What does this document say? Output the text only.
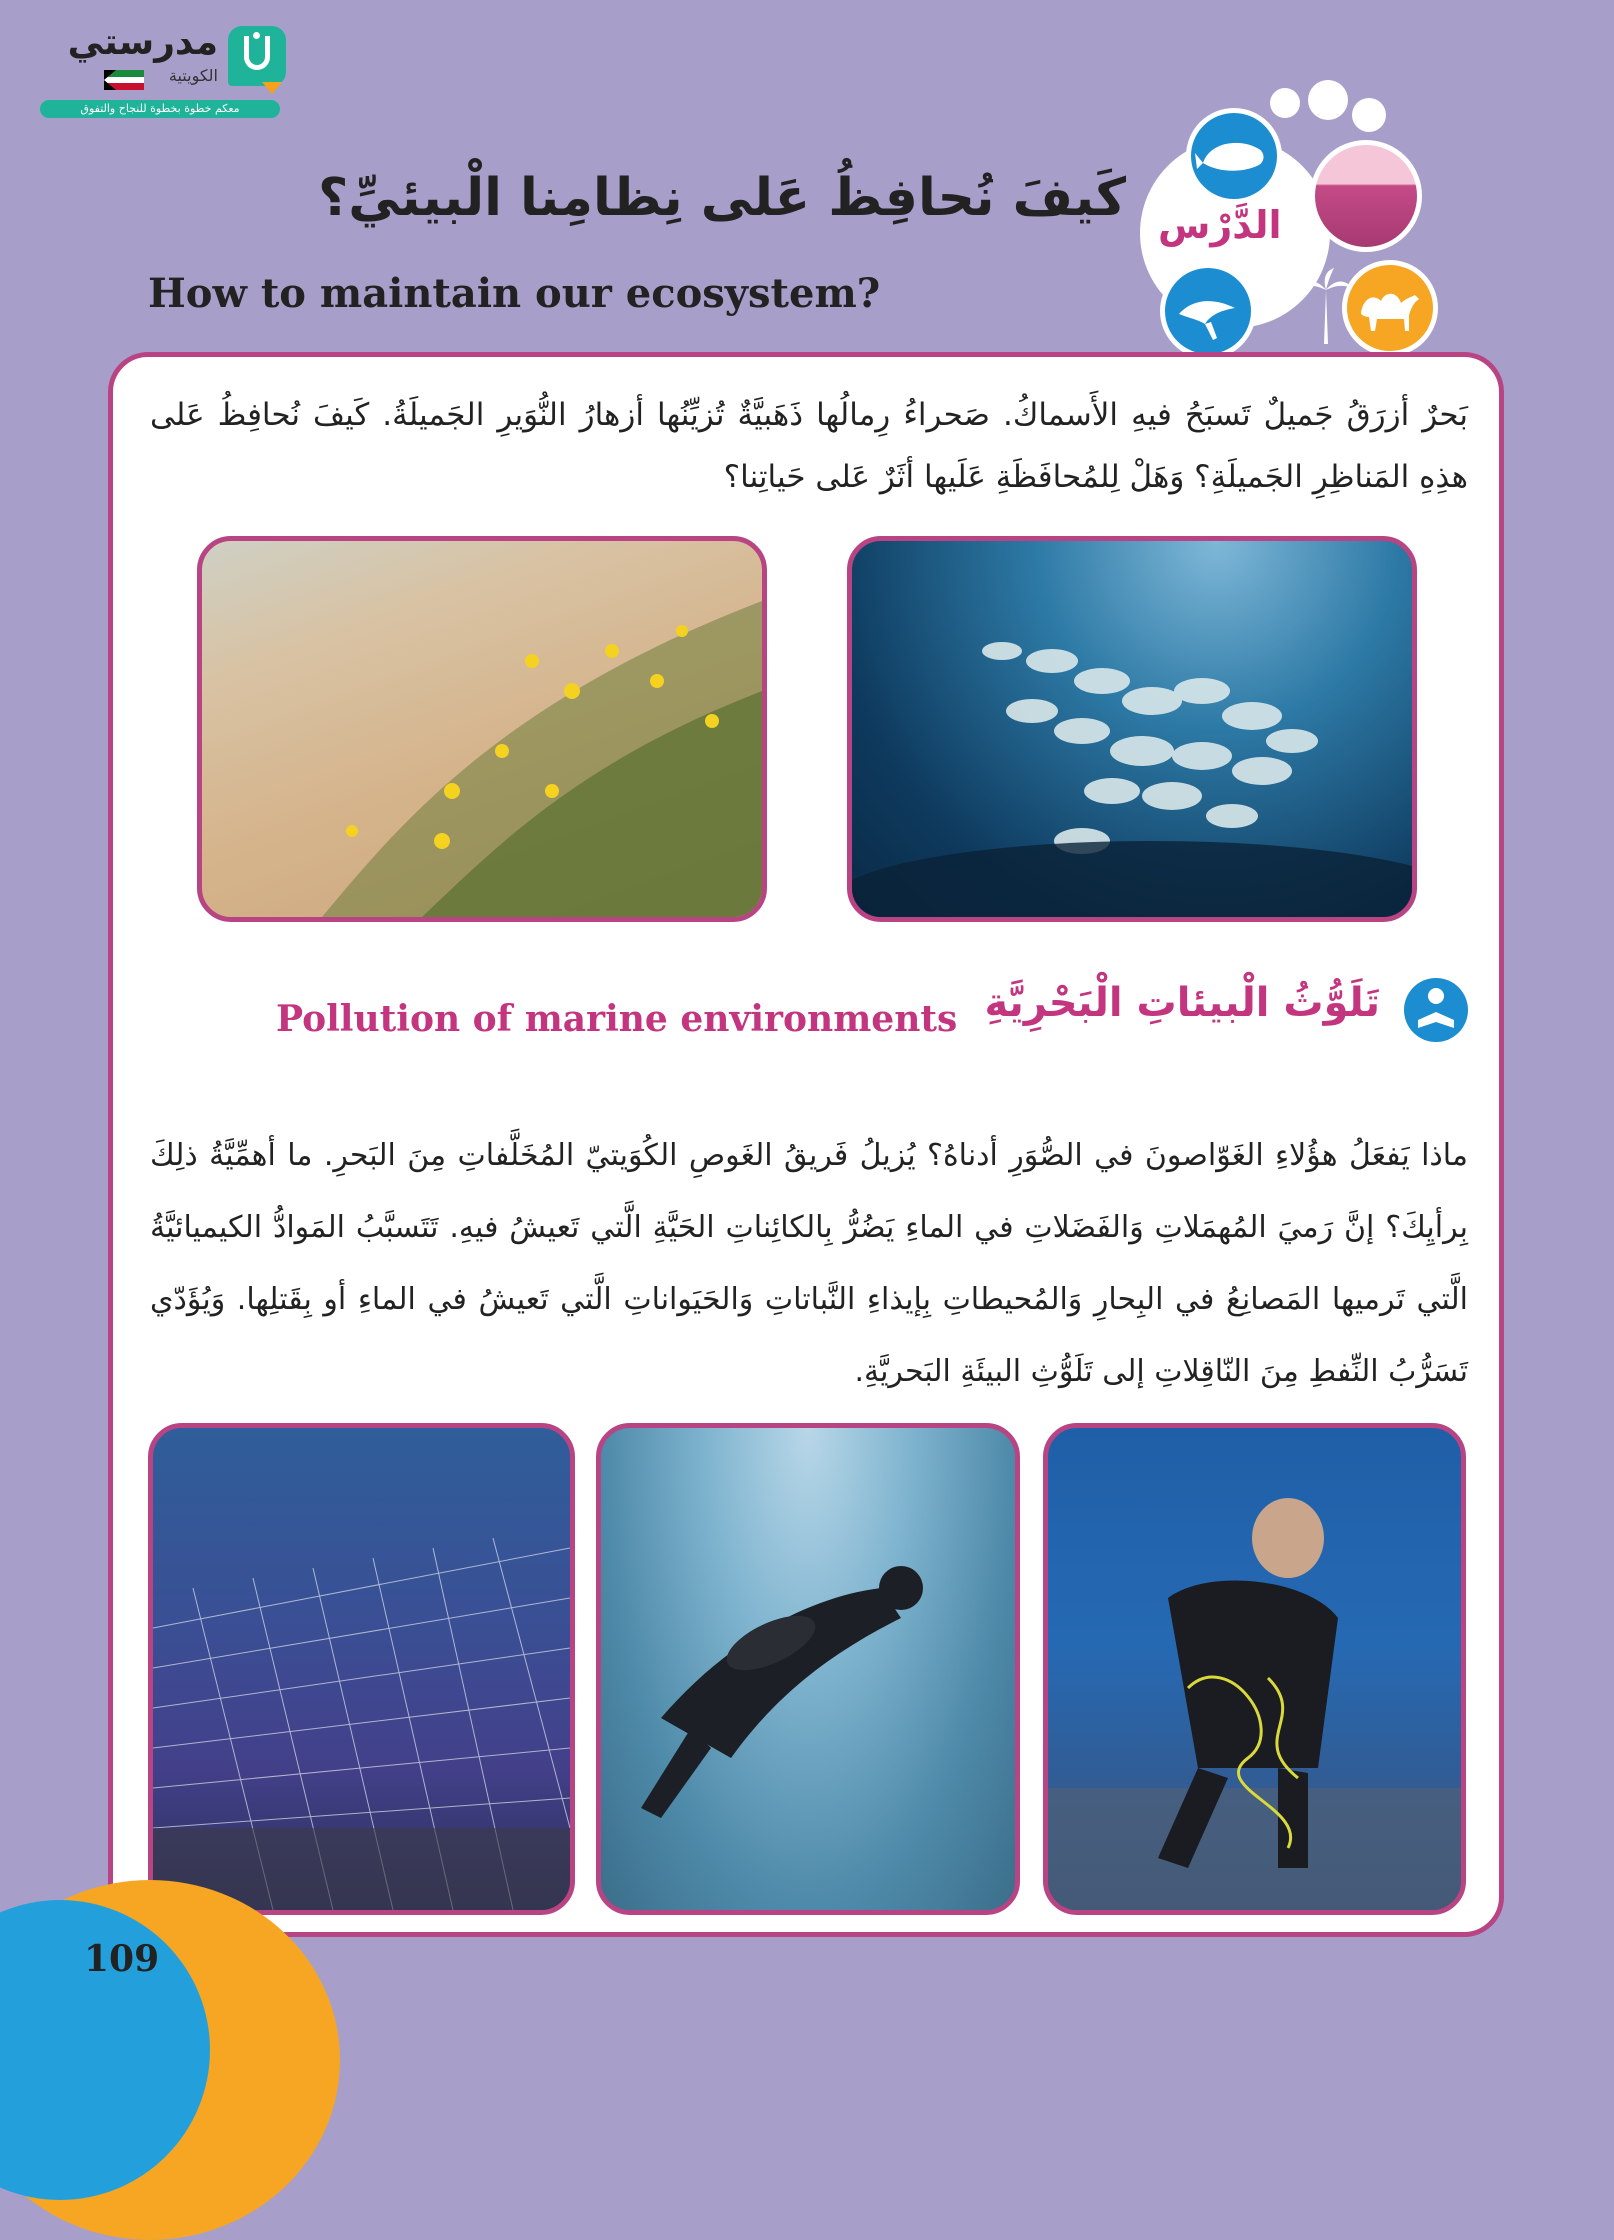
مدرستي
الكويتية
معكم خطوة بخطوة للنجاح والتفوق
الدَّرْس
كَيفَ نُحافِظُ عَلى نِظامِنا الْبيئيِّ؟
How to maintain our ecosystem?
بَحرٌ أزرَقُ جَميلٌ تَسبَحُ فيهِ الأَسماكُ. صَحراءُ رِمالُها ذَهَبيَّةٌ تُزيِّنُها أزهارُ النُّوَيرِ الجَميلَةُ. كَيفَ نُحافِظُ عَلى هذِهِ المَناظِرِ الجَميلَةِ؟ وَهَلْ لِلمُحافَظَةِ عَلَيها أثَرٌ عَلى حَياتِنا؟
تَلَوُّثُ الْبيئاتِ الْبَحْرِيَّةِ
Pollution of marine environments
ماذا يَفعَلُ هؤُلاءِ الغَوّاصونَ في الصُّوَرِ أدناهُ؟ يُزيلُ فَريقُ الغَوصِ الكُوَيتيّ المُخَلَّفاتِ مِنَ البَحرِ. ما أهمِّيَّةُ ذلِكَ بِرأيِكَ؟ إنَّ رَميَ المُهمَلاتِ وَالفَضَلاتِ في الماءِ يَضُرُّ بِالكائِناتِ الحَيَّةِ الَّتي تَعيشُ فيهِ. تَتَسبَّبُ المَوادُّ الكيميائيَّةُ الَّتي تَرميها المَصانِعُ في البِحارِ وَالمُحيطاتِ بِإيذاءِ النَّباتاتِ وَالحَيَواناتِ الَّتي تَعيشُ في الماءِ أو بِقَتلِها. وَيُؤَدّي تَسَرُّبُ النِّفطِ مِنَ النّاقِلاتِ إلى تَلَوُّثِ البيئَةِ البَحريَّةِ.
109
